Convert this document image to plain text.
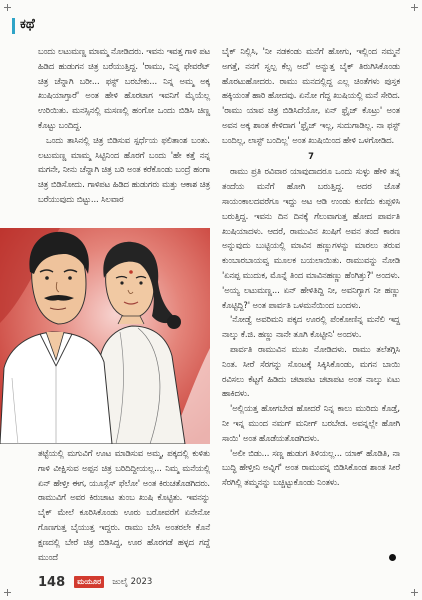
ಕಥೆ

ಬಂದು ಲಟುಮಣ್ಣ ಮಾಮ್ಮ ನೋಡಿದರು. ಇವನು ಇವತ್ತ ಗಾಳಿ ಪಟ ಹಿಡಿದ ಹುಡುಗನ ಚಿತ್ರ ಬರೆಯುತ್ತಿದ್ದ. 'ರಾಮು, ನಿನ್ನ ಫೇವರೆಟ್ ಚಿತ್ರ ಚೆನ್ನಾಗಿ ಬರೀ... ಫಸ್ಟ್ ಬರಬೇಕು... ನಿನ್ನ ಅಮ್ಮ ಅಕ್ಕ ಖುಷಿಯಾಗ್ತಾರೆ' ಅಂತ ಹೇಳಿ ಹೊರಟಾಗ ಇವನಿಗೆ ಮೈಯೆಲ್ಲ ಉರಿಯಿತು. ಮನಸ್ಸಿನಲ್ಲಿ ಮಸಣಲ್ಲಿ ಹಂಗೋ ಒಂದು ಬಿಡಿಸಿ ಚಿಣ್ಣ ಕೊಟ್ಟು ಬಂದಿದ್ದ.

ಒಂದು ತಾಸಿನಲ್ಲಿ ಚಿತ್ರ ಬಿಡಿಸುವ ಸ್ಪರ್ಧೆಯ ಫಲಿತಾಂಶ ಬಂತು. ಲಟುಮಣ್ಣ ಮಾಮ್ಮ ಸಿಟ್ಟಿನಿಂದ ಹೊರಗೆ ಬಂದು 'ಹೇ ಕತ್ತೆ ನನ್ನ ಮಗನೇ, ನೀನು ಚೆನ್ನಾಗಿ ಚಿತ್ರ ಬರಿ ಅಂತ ಕರೆಕೊಂಡು ಬಂದ್ರೆ ಹಂಗಾ ಚಿತ್ರ ಬಿಡಿಸೋದು. ಗಾಳಿಪಟ ಹಿಡಿದ ಹುಡುಗರು ಮತ್ತು ಆಕಾಶ ಚಿತ್ರ ಬರೆಯುವುದು ಬಿಟ್ಟು... ಸಿಲವಾರ

ತಟ್ಟೆಯಲ್ಲಿ ಮಗುವಿಗೆ ಊಟ ಮಾಡಿಸುವ ಅಮ್ಮ, ಪಕ್ಕದಲ್ಲಿ ಕುಳಿತು ಗಾಳಿ ವೀಕ್ಷಿಸುವ ಅಪ್ಪನ ಚಿತ್ರ ಬರಿದಿದ್ದೀಯಲ್ಲ... ನಿಮ್ಮ ಮನೆಯಲ್ಲಿ ಏನ್ ಹೇಳ್ತೀ ಈಗ, ಯೂಸ್ಲೆಸ್ ಫೆಲೋ' ಅಂತ ಕಿರುಚತೊಡಗಿದರು. ರಾಮುವಿಗೆ ಅವರ ಕಿರುಚಾಟ ತುಂಬ ಖುಷಿ ಕೊಟ್ಟಿತು. ಇವನನ್ನು ಬೈಕ್ ಮೇಲೆ ಕೂರಿಸಿಕೊಂಡು ಊರು ಬರೋವರೆಗೆ ಏನೇನೋ ಗೊಣಗುತ್ತ ಬೈಯುತ್ತ ಇದ್ದರು. ರಾಮು ಬೇಸಿ ಅಂತರಲೇ ಕೊನೆ ಕ್ಷಣದಲ್ಲಿ ಬೇರೆ ಚಿತ್ರ ಬಿಡಿಸಿದ್ದ, ಊರ ಹೊರಗಡೆ ಹಳ್ಳದ ಗದ್ದೆ ಮುಂದೆ

ಬೈಕ್ ನಿಲ್ಲಿಸಿ, 'ನೀ ನಡಕಂಡು ಮನೆಗೆ ಹೋಗು, ಇಲ್ಲಿಂದ ನಮ್ಮನೆ ಅಗತ್ತೆ, ನನಗೆ ಸ್ವಲ್ಪ ಕೆಲ್ಸ ಅದೆ' ಅನ್ನುತ್ತ ಬೈಕ್ ತಿರುಗಿಸಿಕೊಂಡು ಹೊರಟುಹೋದರು. ರಾಮು ಮನದಲ್ಲಿದ್ದ ಎಲ್ಲ ಚಿಂತೆಗಳು ಪುಸ್ತಕ ಹಕ್ಕಿಯಂತೆ ಹಾರಿ ಹೋದವು. ಏನೋ ಗೆದ್ದ ಖುಷಿಯಲ್ಲಿ ಮನೆ ಸೇರಿದ. 'ರಾಮು ಯಾವ ಚಿತ್ರ ಬಿಡಿಸಿದೆಯೋ, ಏನ್ ಫ್ರೈಜ್ ಕೊಟ್ರು' ಅಂತ ಅವನ ಅಕ್ಕ ಶಾಂತ ಕೇಳಿದಾಗ 'ಫ್ರೈಜ್ ಇಲ್ಲ, ಸುದುಗಾಡಿಲ್ಲ. ನಾ ಫಸ್ಟ್ ಬಂದಿಲ್ಲ, ಲಾಸ್ಟ್ ಬಂದಿಲ್ಲ' ಅಂತ ಖುಷಿಯಿಂದ ಹೇಳಿ ಒಳಗೋಡಿದ.

7

ರಾಮು ಪ್ರತಿ ರವಿವಾರ ಯಾವುದಾದರೂ ಒಂದು ಸುಳ್ಳು ಹೇಳಿ ತನ್ನ ತಂದೆಯ ಮನೆಗೆ ಹೋಗಿ ಬರುತ್ತಿದ್ದ. ಅದರ ಜೊತೆ ಸಾಯಂಕಾಲದವರೆಗೂ ಇದ್ದು ಅಟ ಆಡಿ ಉಂಡು ಕುಣಿದು ಕುಪ್ಪಳಿಸಿ ಬರುತ್ತಿದ್ದ. ಇವನು ದಿನ ದಿನಕ್ಕೆ ಗೆಲುವಾಗುತ್ತ ಹೋದ ಪಾರ್ವತಿ ಖುಷಿಯಾದಳು. ಆದರೆ, ರಾಮುವಿನ ಖುಷಿಗೆ ಅವನ ತಂದೆ ಕಾರಣ ಅನ್ನುವುದು ಬುಟ್ಟಿಯಲ್ಲಿ ಮಾವಿನ ಹಣ್ಣುಗಳನ್ನು ಮಾರಲು ತರುವ ಕುಂಬಾರಬಾಯವ್ವ ಮೂಲಕ ಬಯಲಾಯಿತು. ರಾಮುವನ್ನು ನೋಡಿ 'ಏನಪ್ಪ ಮುದುಕ, ಮೊನ್ನೆ ತಿಂದ ಮಾವಿನಹಣ್ಣು ಹೆಂಗಿತ್ತು?' ಅಂದಳು. 'ಅಯ್ಯ ಲಟುಮಣ್ಣ... ಏನ್ ಹೇಳಿತಿದ್ದಿ ನೀ, ಅವನಿಗ್ಯಾಗ ನೀ ಹಣ್ಣು ಕೊಟ್ಟಿದ್ದಿ?' ಅಂತ ಪಾರ್ವತಿ ಒಳಮನೆಯಿಂದ ಬಂದಳು.

'ನೋಡ್ವೆ ಅವರಿಮನಿ ಪಕ್ಕದ ಊರಲ್ಲಿ ಪೆಂಕೋಣಿನ್ನ ಮನೆಲಿ ಇದ್ದ ನಾಲ್ಕು ಕೆ.ಜಿ. ಹಣ್ಣು ನಾನೇ ತೂಗಿ ಕೊಟ್ಟೀನಿ' ಅಂದಳು.

ಪಾರ್ವತಿ ರಾಮುವಿನ ಮುಖ ನೋಡಿದಳು. ರಾಮು ತಲೆತಗ್ಗಿಸಿ ನಿಂತ. ಸೀರೆ ಸೆರಗನ್ನು ಸೊಂಟಕ್ಕೆ ಸಿಕ್ಕಿಸಿಕೊಂಡು, ಮಗನ ಬಾಯಿ ರವಿಸಲು ಕೆಟ್ಟಗೆ ಹಿಡಿದು ಚಟಾಪಟ ಚಟಾಪಟ ಅಂತ ನಾಲ್ಕು ಏಟು ಹಾಕಿದಳು.

'ಅಲ್ಲಿಯತ್ತ ಹೋಗಬೇಡ ಹೋದರೆ ನಿನ್ನ ಕಾಲು ಮುರಿದು ಕೊಡ್ತೆ, ನೀ ಇನ್ನ ಮುಂದ ನಮಗ್ ಮನೀಗ್ ಬರಬೇಡ. ಅವನ್ನಲ್ಲೇ ಹೋಗಿ ಸಾಯಿ' ಅಂತ ಹೊಡೆಯತೊಡಗಿದಳು.

'ಅಲೀ ಬಿಡು... ಸಣ್ಣ ಹುಡುಗ ತಿಳಿಯಲ್ಲ... ಯಾಕ್ ಹೊಡಿತಿ, ನಾ ಬುದ್ಧಿ ಹೇಳ್ತೀನಿ ಅವ್ನಿಗೆ' ಅಂತ ರಾಮುವನ್ನ ಬಿಡಿಸಿಕೊಂಡ ಶಾಂತ ಸೀರೆ ಸೆರಗಿಲ್ಲಿ ತಮ್ಮನನ್ನು ಬಚ್ಚಿಟ್ಟುಕೊಂಡು ನಿಂತಳು.

148 ಮಯೂರ ಜುಲೈ 2023
